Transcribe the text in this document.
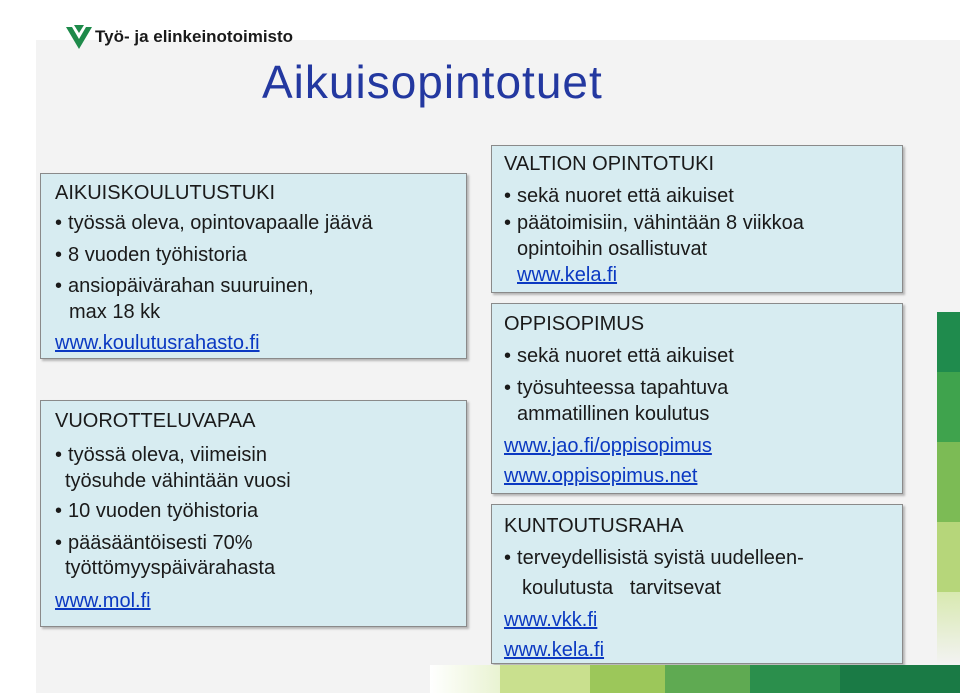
Työ- ja elinkeinotoimisto
Aikuisopintotuet
AIKUISKOULUTUSTUKI
• työssä oleva, opintovapaalle jäävä
• 8 vuoden työhistoria
• ansiopäivärahan suuruinen,
max 18 kk
www.koulutusrahasto.fi
VUOROTTELUVAPAA
• työssä oleva, viimeisin
työsuhde vähintään vuosi
• 10 vuoden työhistoria
• pääsääntöisesti 70%
työttömyyspäivärahasta
www.mol.fi
VALTION OPINTOTUKI
• sekä nuoret että aikuiset
• päätoimisiin, vähintään 8 viikkoa
opintoihin osallistuvat
www.kela.fi
OPPISOPIMUS
• sekä nuoret että aikuiset
• työsuhteessa tapahtuva
ammatillinen koulutus
www.jao.fi/oppisopimus
www.oppisopimus.net
KUNTOUTUSRAHA
• terveydellisistä syistä uudelleen-
koulutusta   tarvitsevat
www.vkk.fi
www.kela.fi
